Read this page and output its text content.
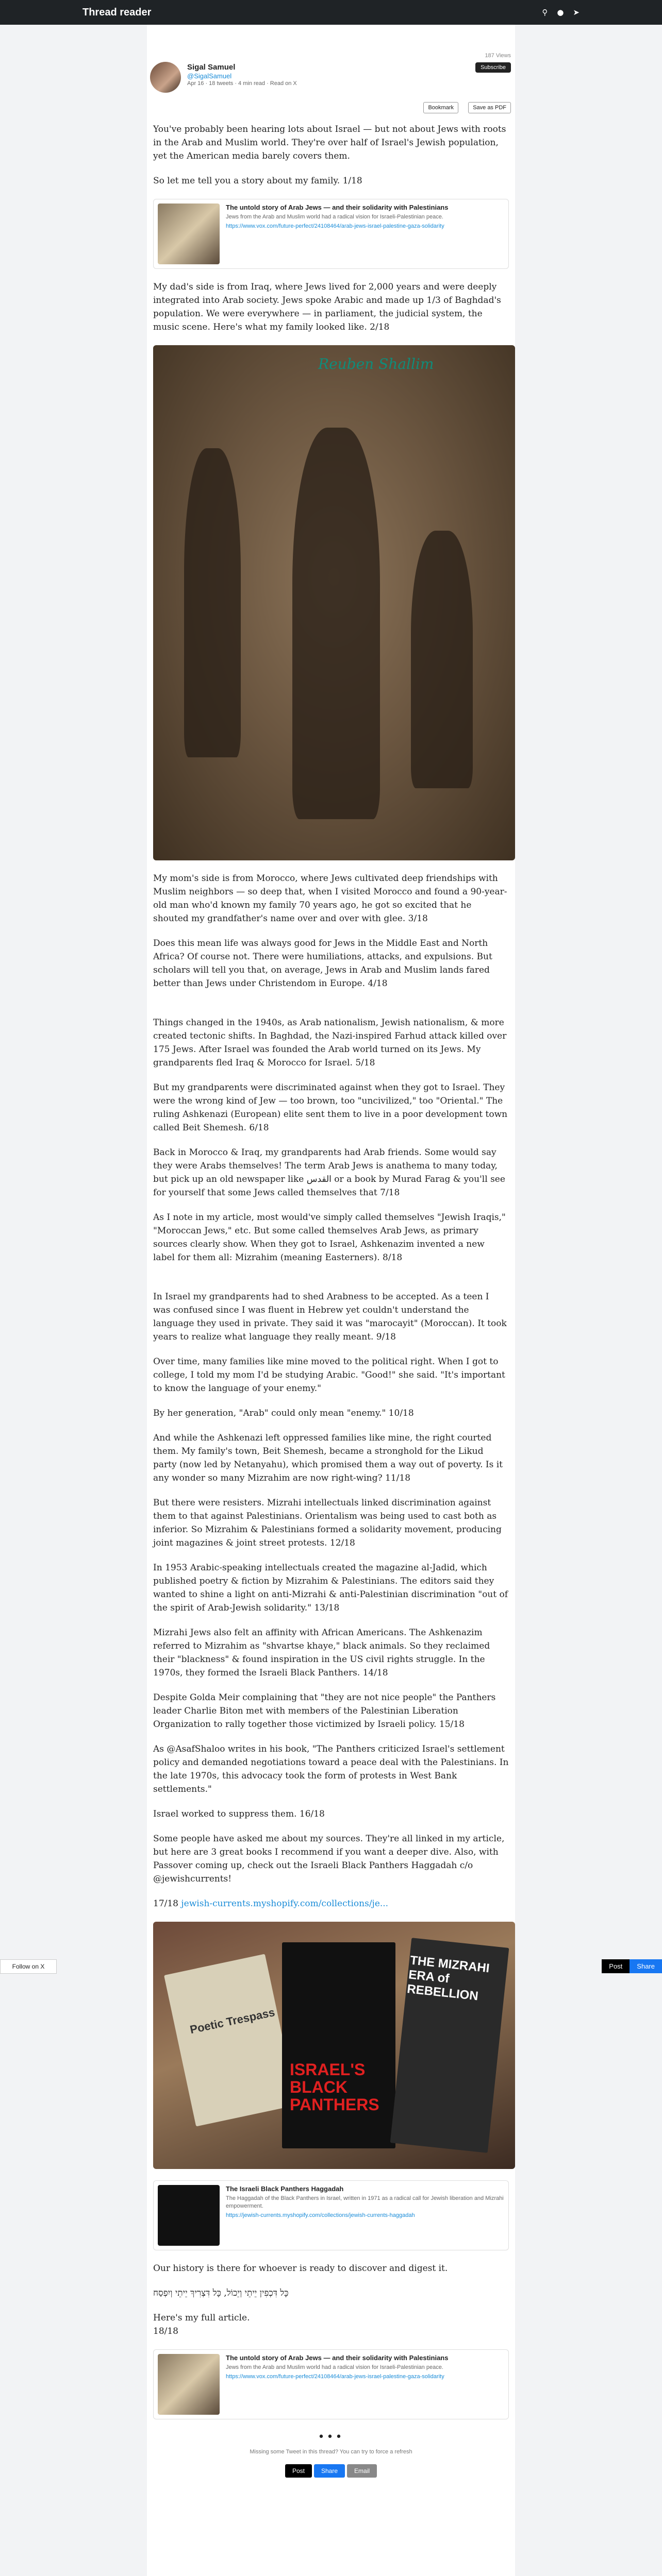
Thread reader	⚲ ● ➤
Sigal Samuel
@SigalSamuel
Apr 16 · 18 tweets · 4 min read · Read on X
187 Views
Subscribe
Bookmark	Save as PDF

You've probably been hearing lots about Israel — but not about Jews with roots in the Arab and Muslim world. They're over half of Israel's Jewish population, yet the American media barely covers them.

So let me tell you a story about my family. 1/18

The untold story of Arab Jews — and their solidarity with Palestinians
Jews from the Arab and Muslim world had a radical vision for Israeli-Palestinian peace.
https://www.vox.com/future-perfect/24108464/arab-jews-israel-palestine-gaza-solidarity

My dad's side is from Iraq, where Jews lived for 2,000 years and were deeply integrated into Arab society. Jews spoke Arabic and made up 1/3 of Baghdad's population. We were everywhere — in parliament, the judicial system, the music scene. Here's what my family looked like. 2/18

Reuben Shallim

My mom's side is from Morocco, where Jews cultivated deep friendships with Muslim neighbors — so deep that, when I visited Morocco and found a 90-year-old man who'd known my family 70 years ago, he got so excited that he shouted my grandfather's name over and over with glee. 3/18

Does this mean life was always good for Jews in the Middle East and North Africa? Of course not. There were humiliations, attacks, and expulsions. But scholars will tell you that, on average, Jews in Arab and Muslim lands fared better than Jews under Christendom in Europe. 4/18

Things changed in the 1940s, as Arab nationalism, Jewish nationalism, & more created tectonic shifts. In Baghdad, the Nazi-inspired Farhud attack killed over 175 Jews. After Israel was founded the Arab world turned on its Jews. My grandparents fled Iraq & Morocco for Israel. 5/18

But my grandparents were discriminated against when they got to Israel. They were the wrong kind of Jew — too brown, too "uncivilized," too "Oriental." The ruling Ashkenazi (European) elite sent them to live in a poor development town called Beit Shemesh. 6/18

Back in Morocco & Iraq, my grandparents had Arab friends. Some would say they were Arabs themselves! The term Arab Jews is anathema to many today, but pick up an old newspaper like القدس or a book by Murad Farag & you'll see for yourself that some Jews called themselves that 7/18

As I note in my article, most would've simply called themselves "Jewish Iraqis," "Moroccan Jews," etc. But some called themselves Arab Jews, as primary sources clearly show. When they got to Israel, Ashkenazim invented a new label for them all: Mizrahim (meaning Easterners). 8/18

In Israel my grandparents had to shed Arabness to be accepted. As a teen I was confused since I was fluent in Hebrew yet couldn't understand the language they used in private. They said it was "marocayit" (Moroccan). It took years to realize what language they really meant. 9/18

Over time, many families like mine moved to the political right. When I got to college, I told my mom I'd be studying Arabic. "Good!" she said. "It's important to know the language of your enemy."

By her generation, "Arab" could only mean "enemy." 10/18

And while the Ashkenazi left oppressed families like mine, the right courted them. My family's town, Beit Shemesh, became a stronghold for the Likud party (now led by Netanyahu), which promised them a way out of poverty. Is it any wonder so many Mizrahim are now right-wing? 11/18

But there were resisters. Mizrahi intellectuals linked discrimination against them to that against Palestinians. Orientalism was being used to cast both as inferior. So Mizrahim & Palestinians formed a solidarity movement, producing joint magazines & joint street protests. 12/18

In 1953 Arabic-speaking intellectuals created the magazine al-Jadid, which published poetry & fiction by Mizrahim & Palestinians. The editors said they wanted to shine a light on anti-Mizrahi & anti-Palestinian discrimination "out of the spirit of Arab-Jewish solidarity." 13/18

Mizrahi Jews also felt an affinity with African Americans. The Ashkenazim referred to Mizrahim as "shvartse khaye," black animals. So they reclaimed their "blackness" & found inspiration in the US civil rights struggle. In the 1970s, they formed the Israeli Black Panthers. 14/18

Despite Golda Meir complaining that "they are not nice people" the Panthers leader Charlie Biton met with members of the Palestinian Liberation Organization to rally together those victimized by Israeli policy. 15/18

As @AsafShaloo writes in his book, "The Panthers criticized Israel's settlement policy and demanded negotiations toward a peace deal with the Palestinians. In the late 1970s, this advocacy took the form of protests in West Bank settlements."

Israel worked to suppress them. 16/18

Some people have asked me about my sources. They're all linked in my article, but here are 3 great books I recommend if you want a deeper dive. Also, with Passover coming up, check out the Israeli Black Panthers Haggadah c/o @jewishcurrents!

17/18 jewish-currents.myshopify.com/collections/je...

Poetic Trespass
ISRAEL'S BLACK PANTHERS
THE MIZRAHI ERA of REBELLION
The Israeli Black Panthers Haggadah
The Haggadah of the Black Panthers in Israel, written in 1971 as a radical call for Jewish liberation and Mizrahi empowerment.
https://jewish-currents.myshopify.com/collections/jewish-currents-haggadah

Our history is there for whoever is ready to discover and digest it.

כָּל דִּכְפִין יֵיתֵי וְיֵכוֹל, כָּל דִּצְרִיךְ יֵיתֵי וְיִפְסַח

Here's my full article.

18/18

The untold story of Arab Jews — and their solidarity with Palestinians
Jews from the Arab and Muslim world had a radical vision for Israeli-Palestinian peace.
https://www.vox.com/future-perfect/24108464/arab-jews-israel-palestine-gaza-solidarity
•••
Missing some Tweet in this thread? You can try to force a refresh
Post	Share	Email
Follow on X	Post	Share
